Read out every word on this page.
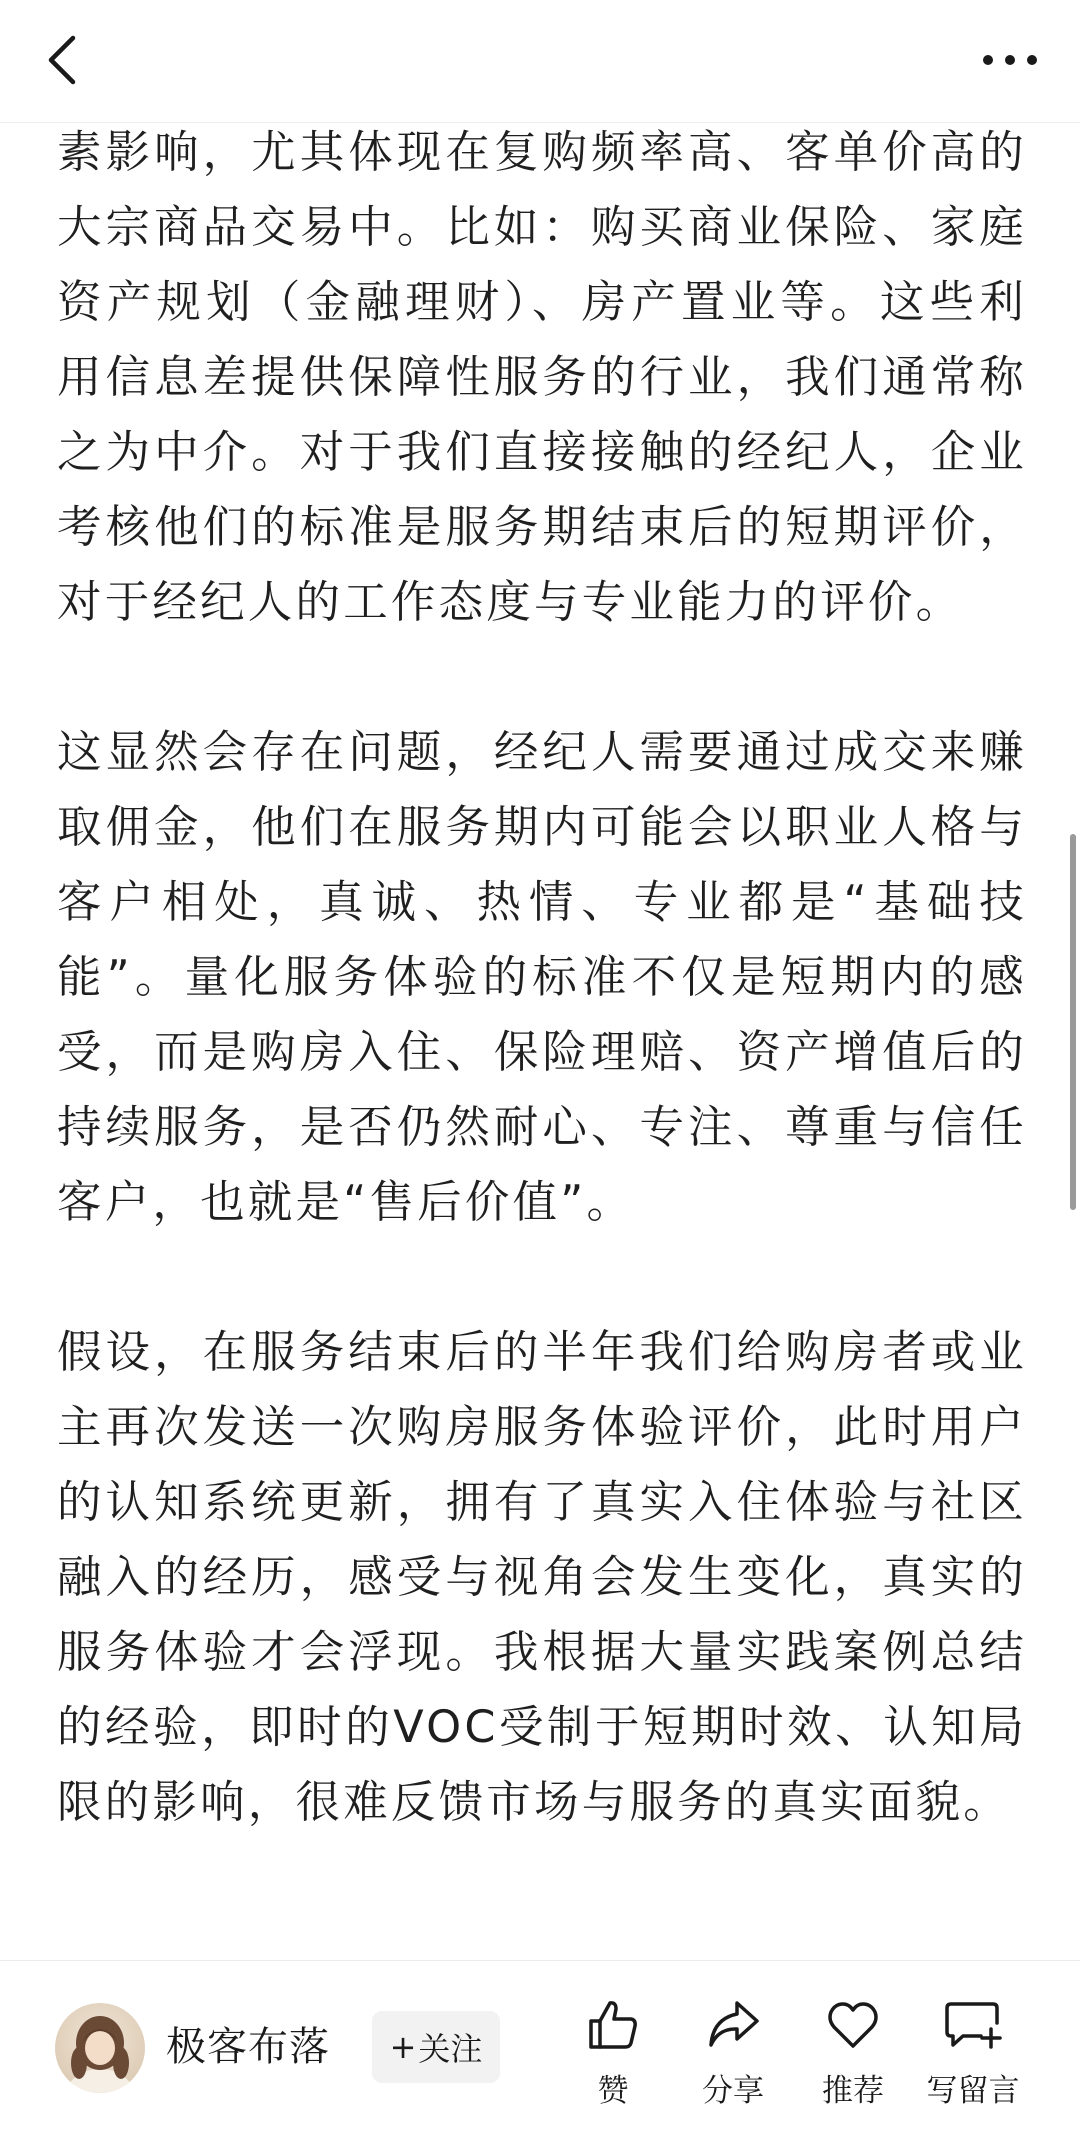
素影响，尤其体现在复购频率高、客单价高的大宗商品交易中。比如：购买商业保险、家庭资产规划（金融理财）、房产置业等。这些利用信息差提供保障性服务的行业，我们通常称之为中介。对于我们直接接触的经纪人，企业考核他们的标准是服务期结束后的短期评价，对于经纪人的工作态度与专业能力的评价。

这显然会存在问题，经纪人需要通过成交来赚取佣金，他们在服务期内可能会以职业人格与客户相处，真诚、热情、专业都是“基础技能”。量化服务体验的标准不仅是短期内的感受，而是购房入住、保险理赔、资产增值后的持续服务，是否仍然耐心、专注、尊重与信任客户，也就是“售后价值”。

假设，在服务结束后的半年我们给购房者或业主再次发送一次购房服务体验评价，此时用户的认知系统更新，拥有了真实入住体验与社区融入的经历，感受与视角会发生变化，真实的服务体验才会浮现。我根据大量实践案例总结的经验，即时的VOC受制于短期时效、认知局限的影响，很难反馈市场与服务的真实面貌。

极客布落 + 关注
赞 分享 推荐 写留言
